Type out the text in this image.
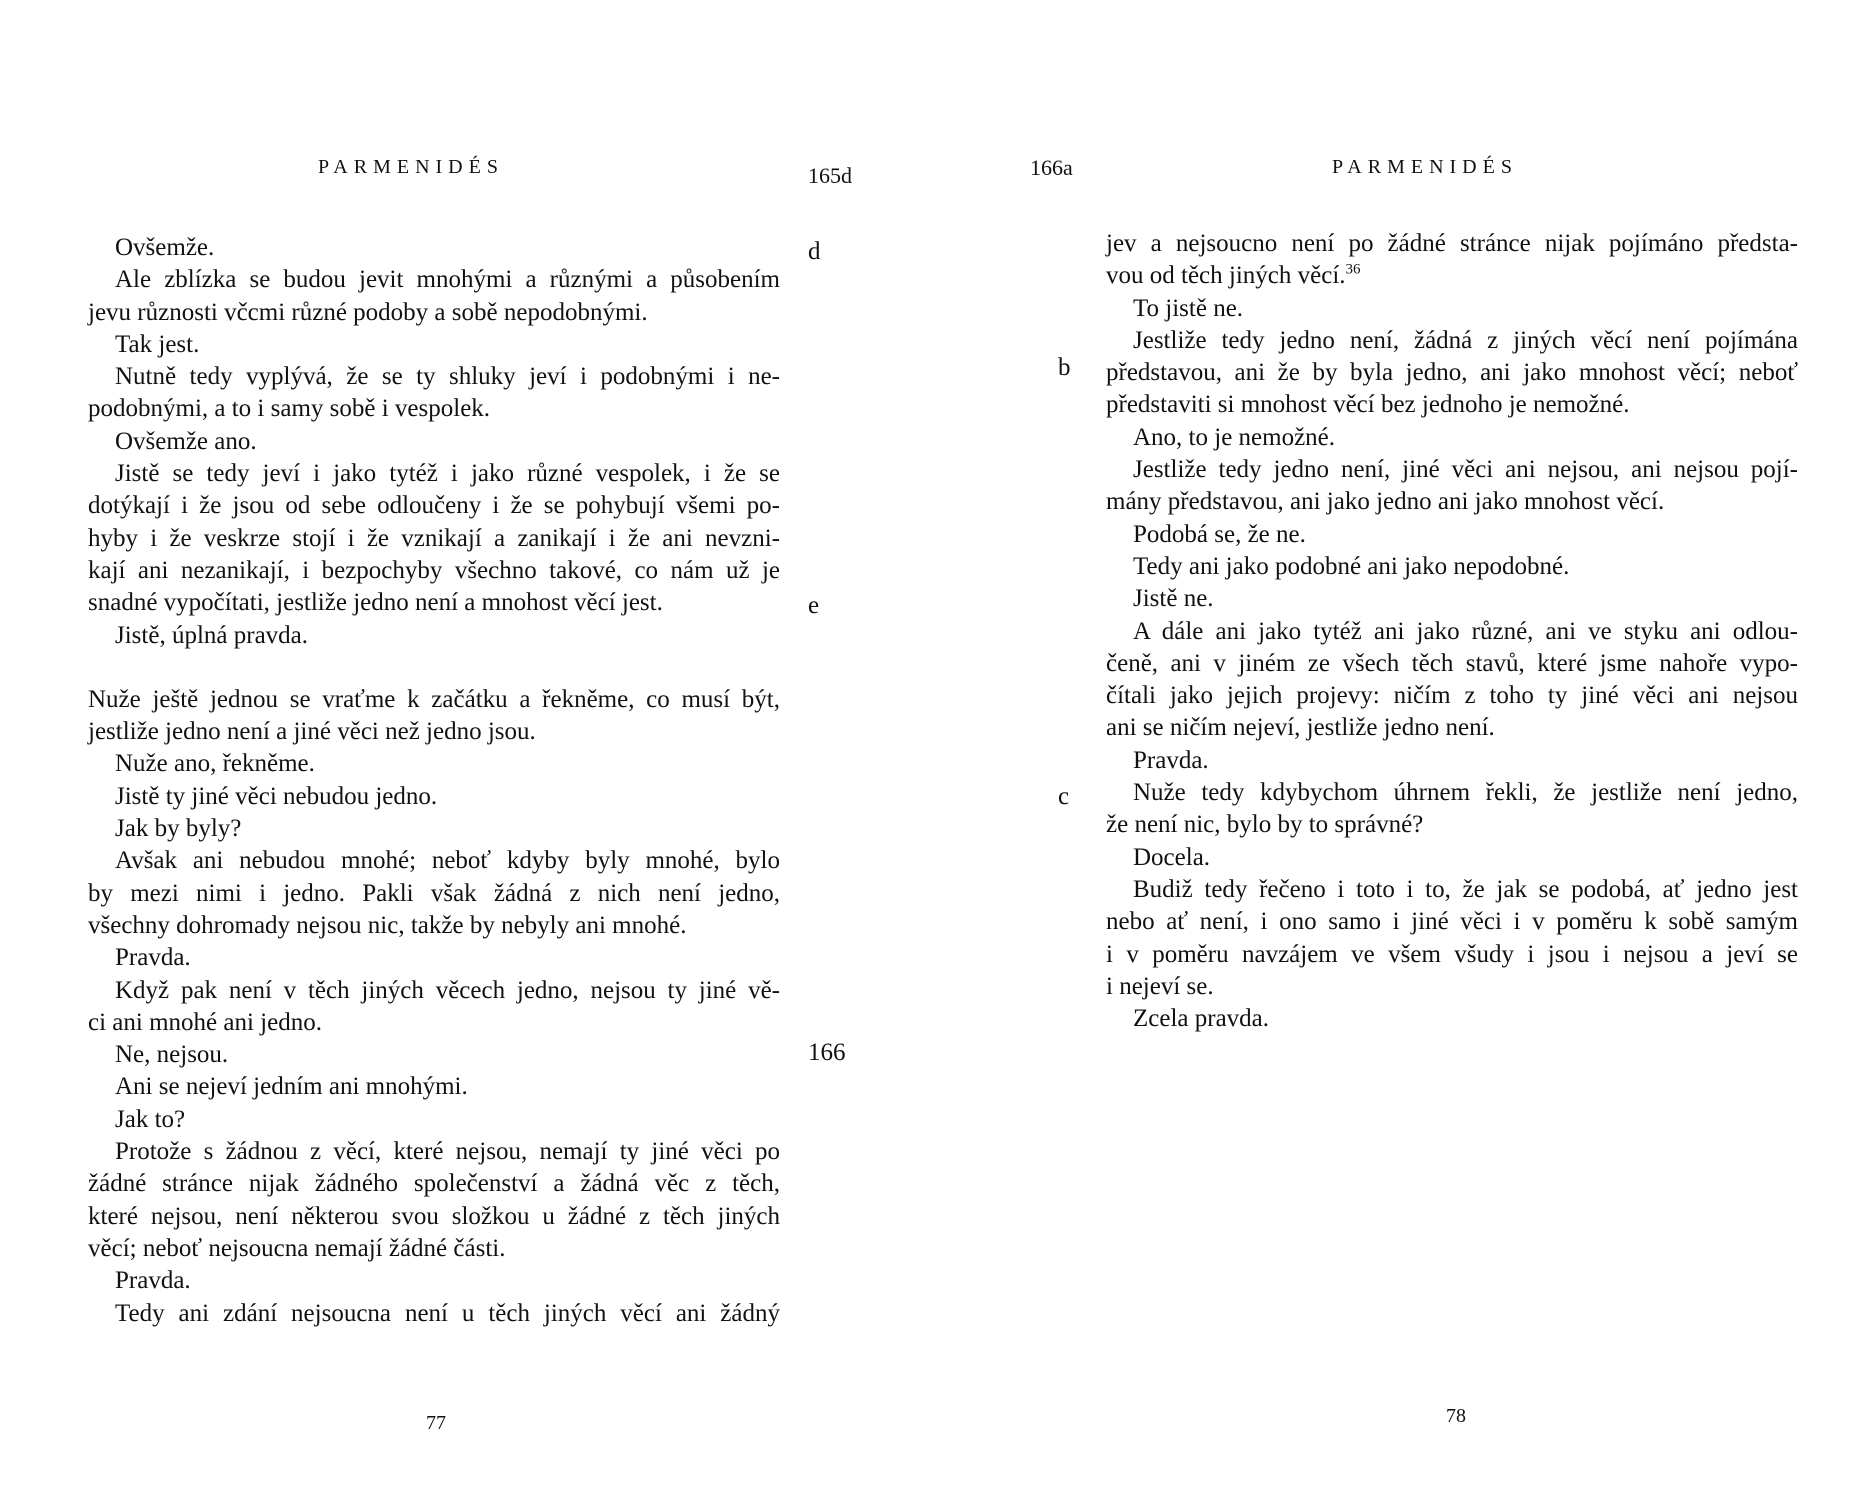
PARMENIDÉS	165d
d
e
166
Ovšemže.
Ale zblízka se budou jevit mnohými a různými a působením
jevu různosti včcmi různé podoby a sobě nepodobnými.
Tak jest.
Nutně tedy vyplývá, že se ty shluky jeví i podobnými i ne-
podobnými, a to i samy sobě i vespolek.
Ovšemže ano.
Jistě se tedy jeví i jako tytéž i jako různé vespolek, i že se
dotýkají i že jsou od sebe odloučeny i že se pohybují všemi po-
hyby i že veskrze stojí i že vznikají a zanikají i že ani nevzni-
kají ani nezanikají, i bezpochyby všechno takové, co nám už je
snadné vypočítati, jestliže jedno není a mnohost věcí jest.
Jistě, úplná pravda.
Nuže ještě jednou se vraťme k začátku a řekněme, co musí být,
jestliže jedno není a jiné věci než jedno jsou.
Nuže ano, řekněme.
Jistě ty jiné věci nebudou jedno.
Jak by byly?
Avšak ani nebudou mnohé; neboť kdyby byly mnohé, bylo
by mezi nimi i jedno. Pakli však žádná z nich není jedno,
všechny dohromady nejsou nic, takže by nebyly ani mnohé.
Pravda.
Když pak není v těch jiných věcech jedno, nejsou ty jiné vě-
ci ani mnohé ani jedno.
Ne, nejsou.
Ani se nejeví jedním ani mnohými.
Jak to?
Protože s žádnou z věcí, které nejsou, nemají ty jiné věci po
žádné stránce nijak žádného společenství a žádná věc z těch,
které nejsou, není některou svou složkou u žádné z těch jiných
věcí; neboť nejsoucna nemají žádné části.
Pravda.
Tedy ani zdání nejsoucna není u těch jiných věcí ani žádný
77
166a	PARMENIDÉS
b
c
jev a nejsoucno není po žádné stránce nijak pojímáno předsta-
vou od těch jiných věcí.$^{36}$
To jistě ne.
Jestliže tedy jedno není, žádná z jiných věcí není pojímána
představou, ani že by byla jedno, ani jako mnohost věcí; neboť
představiti si mnohost věcí bez jednoho je nemožné.
Ano, to je nemožné.
Jestliže tedy jedno není, jiné věci ani nejsou, ani nejsou pojí-
mány představou, ani jako jedno ani jako mnohost věcí.
Podobá se, že ne.
Tedy ani jako podobné ani jako nepodobné.
Jistě ne.
A dále ani jako tytéž ani jako různé, ani ve styku ani odlou-
čeně, ani v jiném ze všech těch stavů, které jsme nahoře vypo-
čítali jako jejich projevy: ničím z toho ty jiné věci ani nejsou
ani se ničím nejeví, jestliže jedno není.
Pravda.
Nuže tedy kdybychom úhrnem řekli, že jestliže není jedno,
že není nic, bylo by to správné?
Docela.
Budiž tedy řečeno i toto i to, že jak se podobá, ať jedno jest
nebo ať není, i ono samo i jiné věci i v poměru k sobě samým
i v poměru navzájem ve všem všudy i jsou i nejsou a jeví se
i nejeví se.
Zcela pravda.
78
